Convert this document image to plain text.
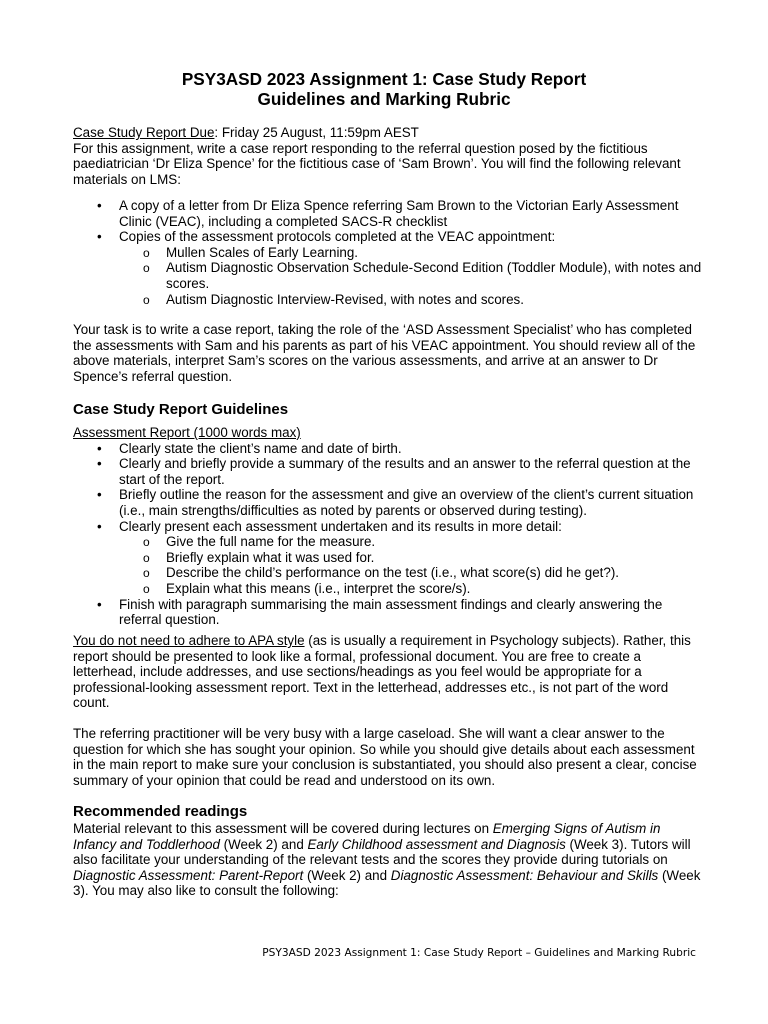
PSY3ASD 2023 Assignment 1: Case Study Report
Guidelines and Marking Rubric

Case Study Report Due: Friday 25 August, 11:59pm AEST

For this assignment, write a case report responding to the referral question posed by the fictitious paediatrician ‘Dr Eliza Spence’ for the fictitious case of ‘Sam Brown’. You will find the following relevant materials on LMS:

• A copy of a letter from Dr Eliza Spence referring Sam Brown to the Victorian Early Assessment Clinic (VEAC), including a completed SACS-R checklist
• Copies of the assessment protocols completed at the VEAC appointment:
o Mullen Scales of Early Learning.
o Autism Diagnostic Observation Schedule-Second Edition (Toddler Module), with notes and scores.
o Autism Diagnostic Interview-Revised, with notes and scores.

Your task is to write a case report, taking the role of the ‘ASD Assessment Specialist’ who has completed the assessments with Sam and his parents as part of his VEAC appointment. You should review all of the above materials, interpret Sam’s scores on the various assessments, and arrive at an answer to Dr Spence’s referral question.

Case Study Report Guidelines

Assessment Report (1000 words max)

• Clearly state the client’s name and date of birth.
• Clearly and briefly provide a summary of the results and an answer to the referral question at the start of the report.
• Briefly outline the reason for the assessment and give an overview of the client’s current situation (i.e., main strengths/difficulties as noted by parents or observed during testing).
• Clearly present each assessment undertaken and its results in more detail:
o Give the full name for the measure.
o Briefly explain what it was used for.
o Describe the child’s performance on the test (i.e., what score(s) did he get?).
o Explain what this means (i.e., interpret the score/s).
• Finish with paragraph summarising the main assessment findings and clearly answering the referral question.

You do not need to adhere to APA style (as is usually a requirement in Psychology subjects). Rather, this report should be presented to look like a formal, professional document. You are free to create a letterhead, include addresses, and use sections/headings as you feel would be appropriate for a professional-looking assessment report. Text in the letterhead, addresses etc., is not part of the word count.

The referring practitioner will be very busy with a large caseload. She will want a clear answer to the question for which she has sought your opinion. So while you should give details about each assessment in the main report to make sure your conclusion is substantiated, you should also present a clear, concise summary of your opinion that could be read and understood on its own.

Recommended readings

Material relevant to this assessment will be covered during lectures on Emerging Signs of Autism in Infancy and Toddlerhood (Week 2) and Early Childhood assessment and Diagnosis (Week 3). Tutors will also facilitate your understanding of the relevant tests and the scores they provide during tutorials on Diagnostic Assessment: Parent-Report (Week 2) and Diagnostic Assessment: Behaviour and Skills (Week 3). You may also like to consult the following:

PSY3ASD 2023 Assignment 1: Case Study Report – Guidelines and Marking Rubric
